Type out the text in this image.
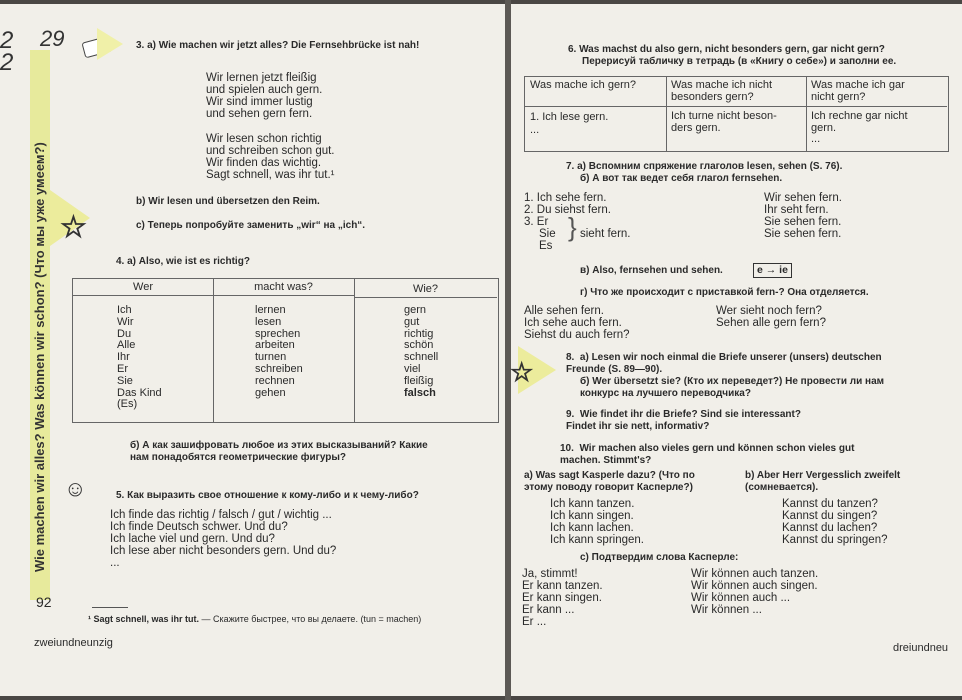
Wie machen wir alles? Was können wir schon? (Что мы уже умеем?)
2
2
29
☆
☺
3. а) Wie machen wir jetzt alles? Die Fernsehbrücke ist nah!
Wir lernen jetzt fleißig
und spielen auch gern.
Wir sind immer lustig
und sehen gern fern.
Wir lesen schon richtig
und schreiben schon gut.
Wir finden das wichtig.
Sagt schnell, was ihr tut.¹
b) Wir lesen und übersetzen den Reim.
c) Теперь попробуйте заменить „wir“ на „ich“.
4. а) Also, wie ist es richtig?
Wer
Ich
Wir
Du
Alle
Ihr
Er
Sie
Das Kind
(Es)
macht was?
lernen
lesen
sprechen
arbeiten
turnen
schreiben
rechnen
gehen
Wie?
gern
gut
richtig
schön
schnell
viel
fleißig
falsch
б) А как зашифровать любое из этих высказываний? Какие
нам понадобятся геометрические фигуры?
5. Как выразить свое отношение к кому-либо и к чему-либо?
Ich finde das richtig / falsch / gut / wichtig ...
Ich finde Deutsch schwer. Und du?
Ich lache viel und gern. Und du?
Ich lese aber nicht besonders gern. Und du?
...
92
¹ Sagt schnell, was ihr tut. — Скажите быстрее, что вы делаете. (tun = machen)
zweiundneunzig
6. Was machst du also gern, nicht besonders gern, gar nicht gern?
Перерисуй табличку в тетрадь (в «Книгу о себе») и заполни ее.
Was mache ich gern?
1. Ich lese gern.
...
Was mache ich nicht
besonders gern?
Ich turne nicht beson-
ders gern.
Was mache ich gar
nicht gern?
Ich rechne gar nicht
gern.
...
7. а) Вспомним спряжение глаголов lesen, sehen (S. 76).
б) А вот так ведет себя глагол fernsehen.
1. Ich sehe fern.
2. Du siehst fern.
3. Er
Sie
Es
} sieht fern.
Wir sehen fern.
Ihr seht fern.
Sie sehen fern.
Sie sehen fern.
в) Also, fernsehen und sehen.	e → ie
г) Что же происходит с приставкой fern-? Она отделяется.
Alle sehen fern.
Ich sehe auch fern.
Siehst du auch fern?
Wer sieht noch fern?
Sehen alle gern fern?
☆	8.  а) Lesen wir noch einmal die Briefe unserer (unsers) deutschen
Freunde (S. 89—90).
б) Wer übersetzt sie? (Кто их переведет?) Не провести ли нам
конкурс на лучшего переводчика?
9.  Wie findet ihr die Briefe? Sind sie interessant?
Findet ihr sie nett, informativ?
10.  Wir machen also vieles gern und können schon vieles gut
machen. Stimmt's?
а) Was sagt Kasperle dazu? (Что по
этому поводу говорит Касперле?)
b) Aber Herr Vergesslich zweifelt
(сомневается).
Ich kann tanzen.
Ich kann singen.
Ich kann lachen.
Ich kann springen.
Kannst du tanzen?
Kannst du singen?
Kannst du lachen?
Kannst du springen?
с) Подтвердим слова Касперле:
Ja, stimmt!
Er kann tanzen.
Er kann singen.
Er kann ...
Er ...
Wir können auch tanzen.
Wir können auch singen.
Wir können auch ...
Wir können ...
dreiundneu
